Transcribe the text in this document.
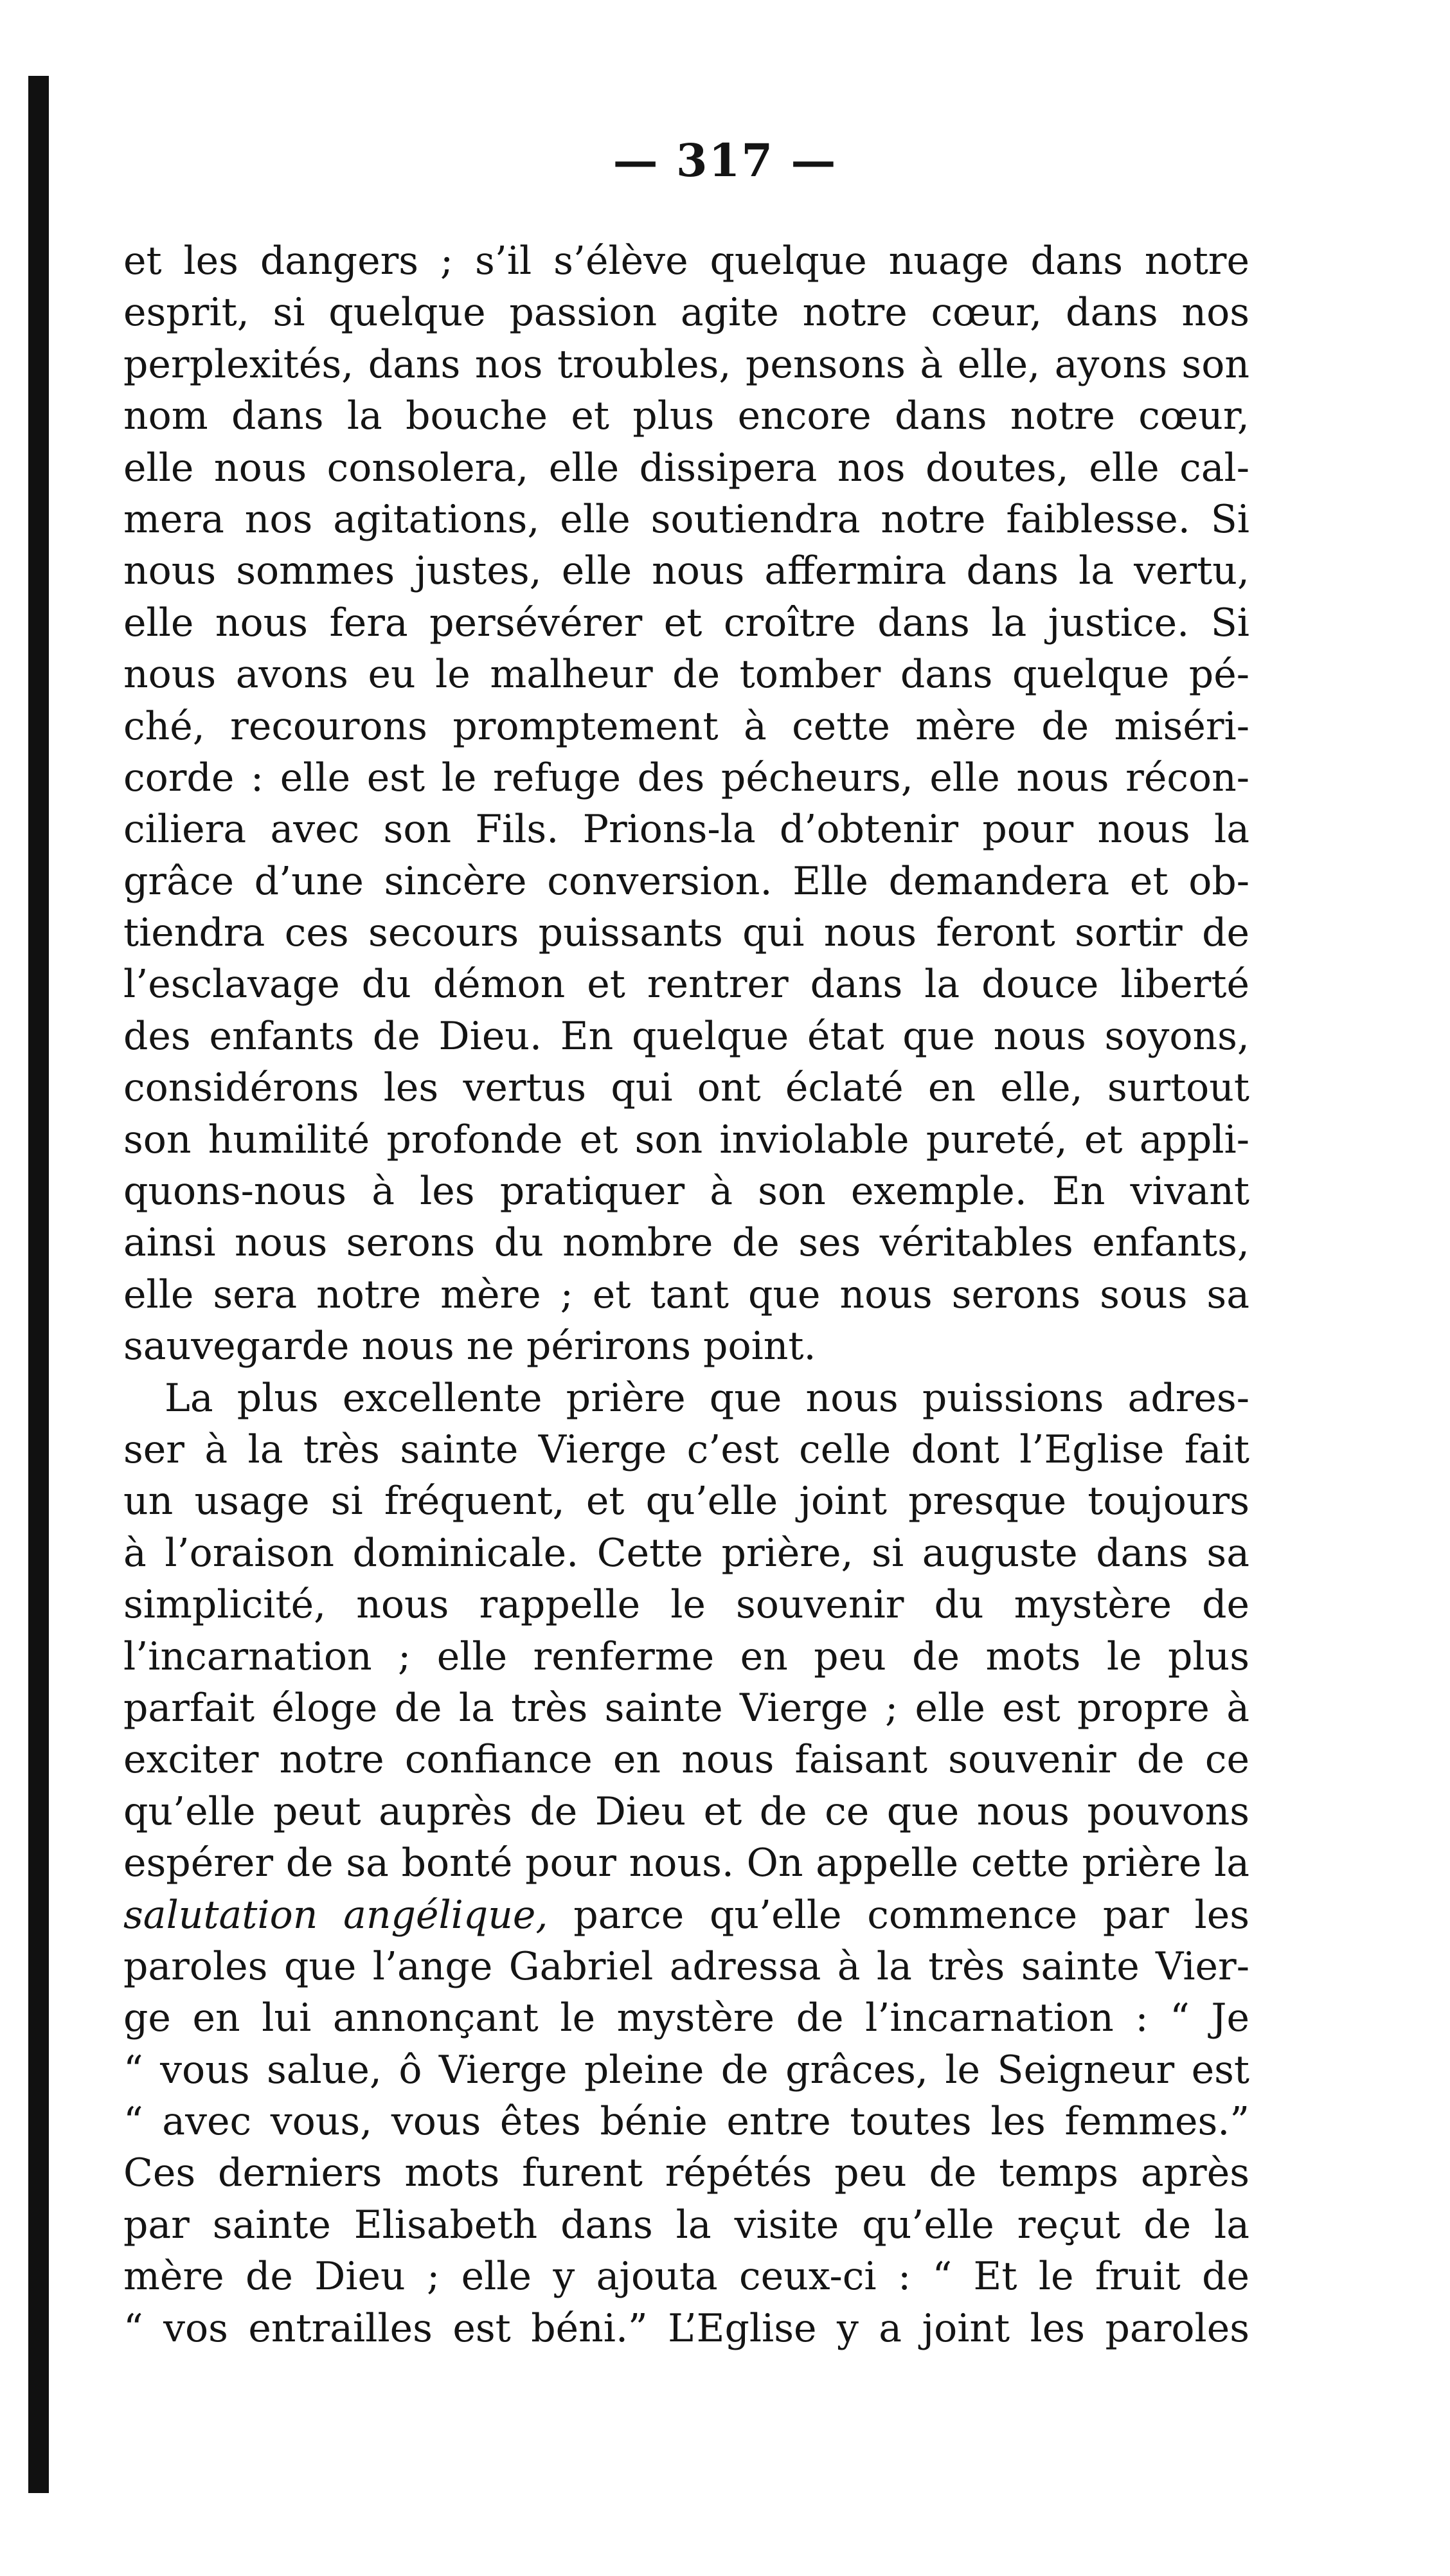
— 317 —
et les dangers ; s’il s’élève quelque nuage dans notre
esprit, si quelque passion agite notre cœur, dans nos
perplexités, dans nos troubles, pensons à elle, ayons son
nom dans la bouche et plus encore dans notre cœur,
elle nous consolera, elle dissipera nos doutes, elle cal-
mera nos agitations, elle soutiendra notre faiblesse. Si
nous sommes justes, elle nous affermira dans la vertu,
elle nous fera persévérer et croître dans la justice. Si
nous avons eu le malheur de tomber dans quelque pé-
ché, recourons promptement à cette mère de miséri-
corde : elle est le refuge des pécheurs, elle nous récon-
ciliera avec son Fils. Prions-la d’obtenir pour nous la
grâce d’une sincère conversion. Elle demandera et ob-
tiendra ces secours puissants qui nous feront sortir de
l’esclavage du démon et rentrer dans la douce liberté
des enfants de Dieu. En quelque état que nous soyons,
considérons les vertus qui ont éclaté en elle, surtout
son humilité profonde et son inviolable pureté, et appli-
quons-nous à les pratiquer à son exemple. En vivant
ainsi nous serons du nombre de ses véritables enfants,
elle sera notre mère ; et tant que nous serons sous sa
sauvegarde nous ne périrons point.
La plus excellente prière que nous puissions adres-
ser à la très sainte Vierge c’est celle dont l’Eglise fait
un usage si fréquent, et qu’elle joint presque toujours
à l’oraison dominicale. Cette prière, si auguste dans sa
simplicité, nous rappelle le souvenir du mystère de
l’incarnation ; elle renferme en peu de mots le plus
parfait éloge de la très sainte Vierge ; elle est propre à
exciter notre confiance en nous faisant souvenir de ce
qu’elle peut auprès de Dieu et de ce que nous pouvons
espérer de sa bonté pour nous. On appelle cette prière la
salutation angélique, parce qu’elle commence par les
paroles que l’ange Gabriel adressa à la très sainte Vier-
ge en lui annonçant le mystère de l’incarnation : “ Je
“ vous salue, ô Vierge pleine de grâces, le Seigneur est
“ avec vous, vous êtes bénie entre toutes les femmes.”
Ces derniers mots furent répétés peu de temps après
par sainte Elisabeth dans la visite qu’elle reçut de la
mère de Dieu ; elle y ajouta ceux-ci : “ Et le fruit de
“ vos entrailles est béni.” L’Eglise y a joint les paroles
